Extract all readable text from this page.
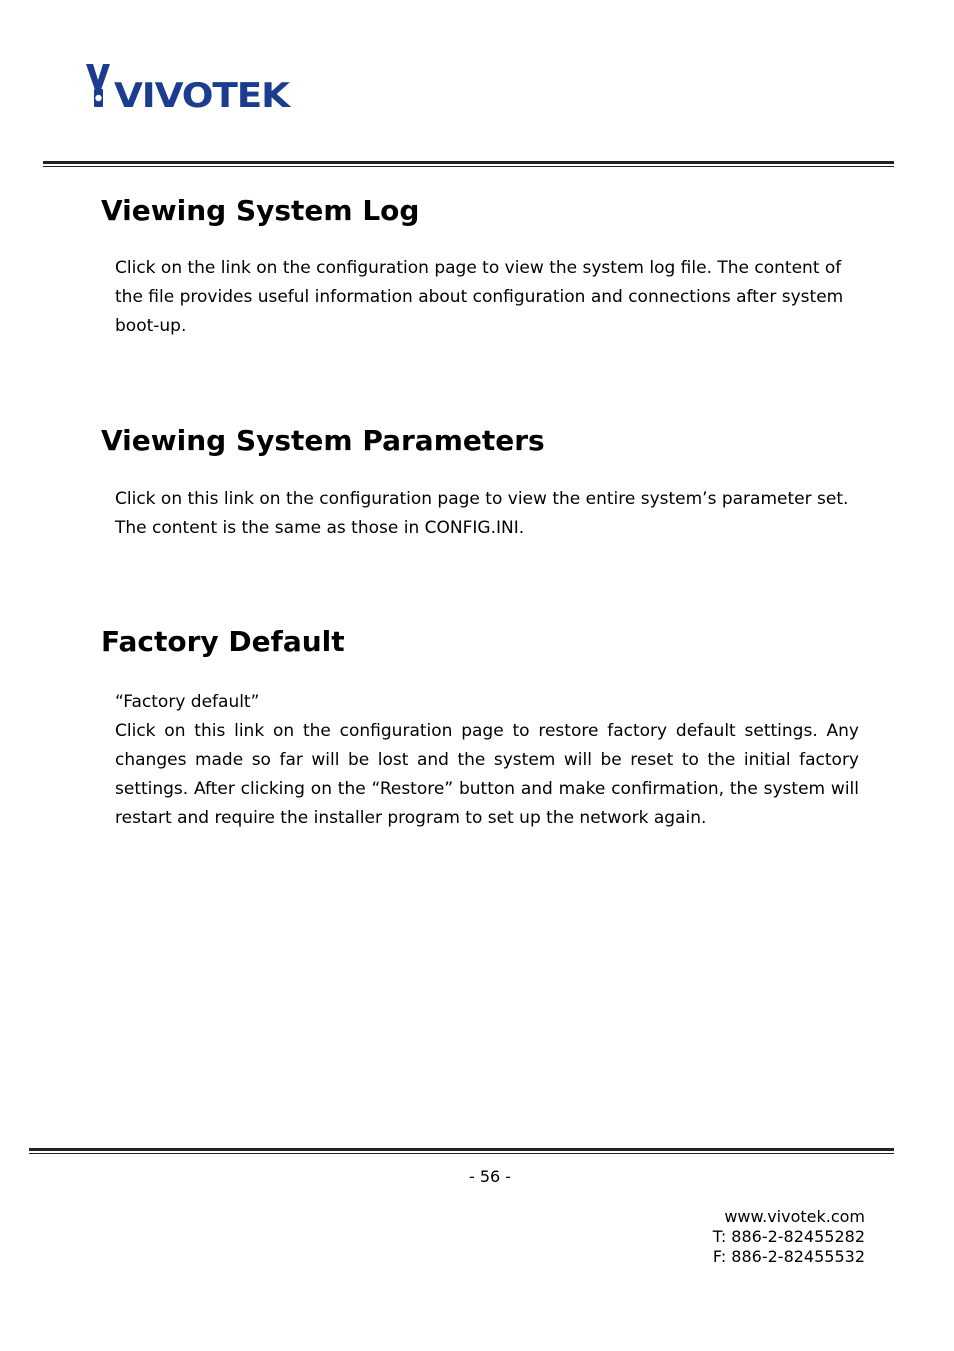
VIVOTEK
Viewing System Log

Click on the link on the configuration page to view the system log file. The content of the file provides useful information about configuration and connections after system boot-up.

Viewing System Parameters

Click on this link on the configuration page to view the entire system’s parameter set. The content is the same as those in CONFIG.INI.

Factory Default

“Factory default”

Click on this link on the configuration page to restore factory default settings. Any changes made so far will be lost and the system will be reset to the initial factory settings. After clicking on the “Restore” button and make confirmation, the system will restart and require the installer program to set up the network again.

- 56 -
www.vivotek.com
T: 886-2-82455282
F: 886-2-82455532
